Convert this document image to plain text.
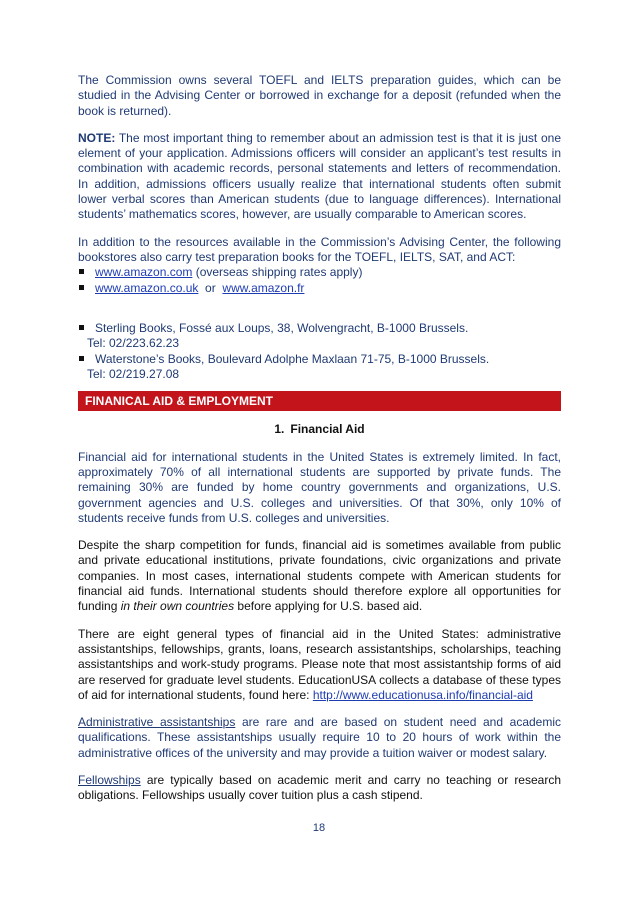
The Commission owns several TOEFL and IELTS preparation guides, which can be studied in the Advising Center or borrowed in exchange for a deposit (refunded when the book is returned).

NOTE: The most important thing to remember about an admission test is that it is just one element of your application. Admissions officers will consider an applicant’s test results in combination with academic records, personal statements and letters of recommendation. In addition, admissions officers usually realize that international students often submit lower verbal scores than American students (due to language differences). International students’ mathematics scores, however, are usually comparable to American scores.

In addition to the resources available in the Commission’s Advising Center, the following bookstores also carry test preparation books for the TOEFL, IELTS, SAT, and ACT:

www.amazon.com (overseas shipping rates apply)
www.amazon.co.uk  or  www.amazon.fr
Sterling Books, Fossé aux Loups, 38, Wolvengracht, B-1000 Brussels.
Tel: 02/223.62.23
Waterstone’s Books, Boulevard Adolphe Maxlaan 71-75, B-1000 Brussels.
Tel: 02/219.27.08
FINANICAL AID & EMPLOYMENT
1. Financial Aid

Financial aid for international students in the United States is extremely limited. In fact, approximately 70% of all international students are supported by private funds. The remaining 30% are funded by home country governments and organizations, U.S. government agencies and U.S. colleges and universities. Of that 30%, only 10% of students receive funds from U.S. colleges and universities.

Despite the sharp competition for funds, financial aid is sometimes available from public and private educational institutions, private foundations, civic organizations and private companies. In most cases, international students compete with American students for financial aid funds. International students should therefore explore all opportunities for funding in their own countries before applying for U.S. based aid.

There are eight general types of financial aid in the United States: administrative assistantships, fellowships, grants, loans, research assistantships, scholarships, teaching assistantships and work-study programs. Please note that most assistantship forms of aid are reserved for graduate level students. EducationUSA collects a database of these types of aid for international students, found here: http://www.educationusa.info/financial-aid

Administrative assistantships are rare and are based on student need and academic qualifications. These assistantships usually require 10 to 20 hours of work within the administrative offices of the university and may provide a tuition waiver or modest salary.

Fellowships are typically based on academic merit and carry no teaching or research obligations. Fellowships usually cover tuition plus a cash stipend.

18
